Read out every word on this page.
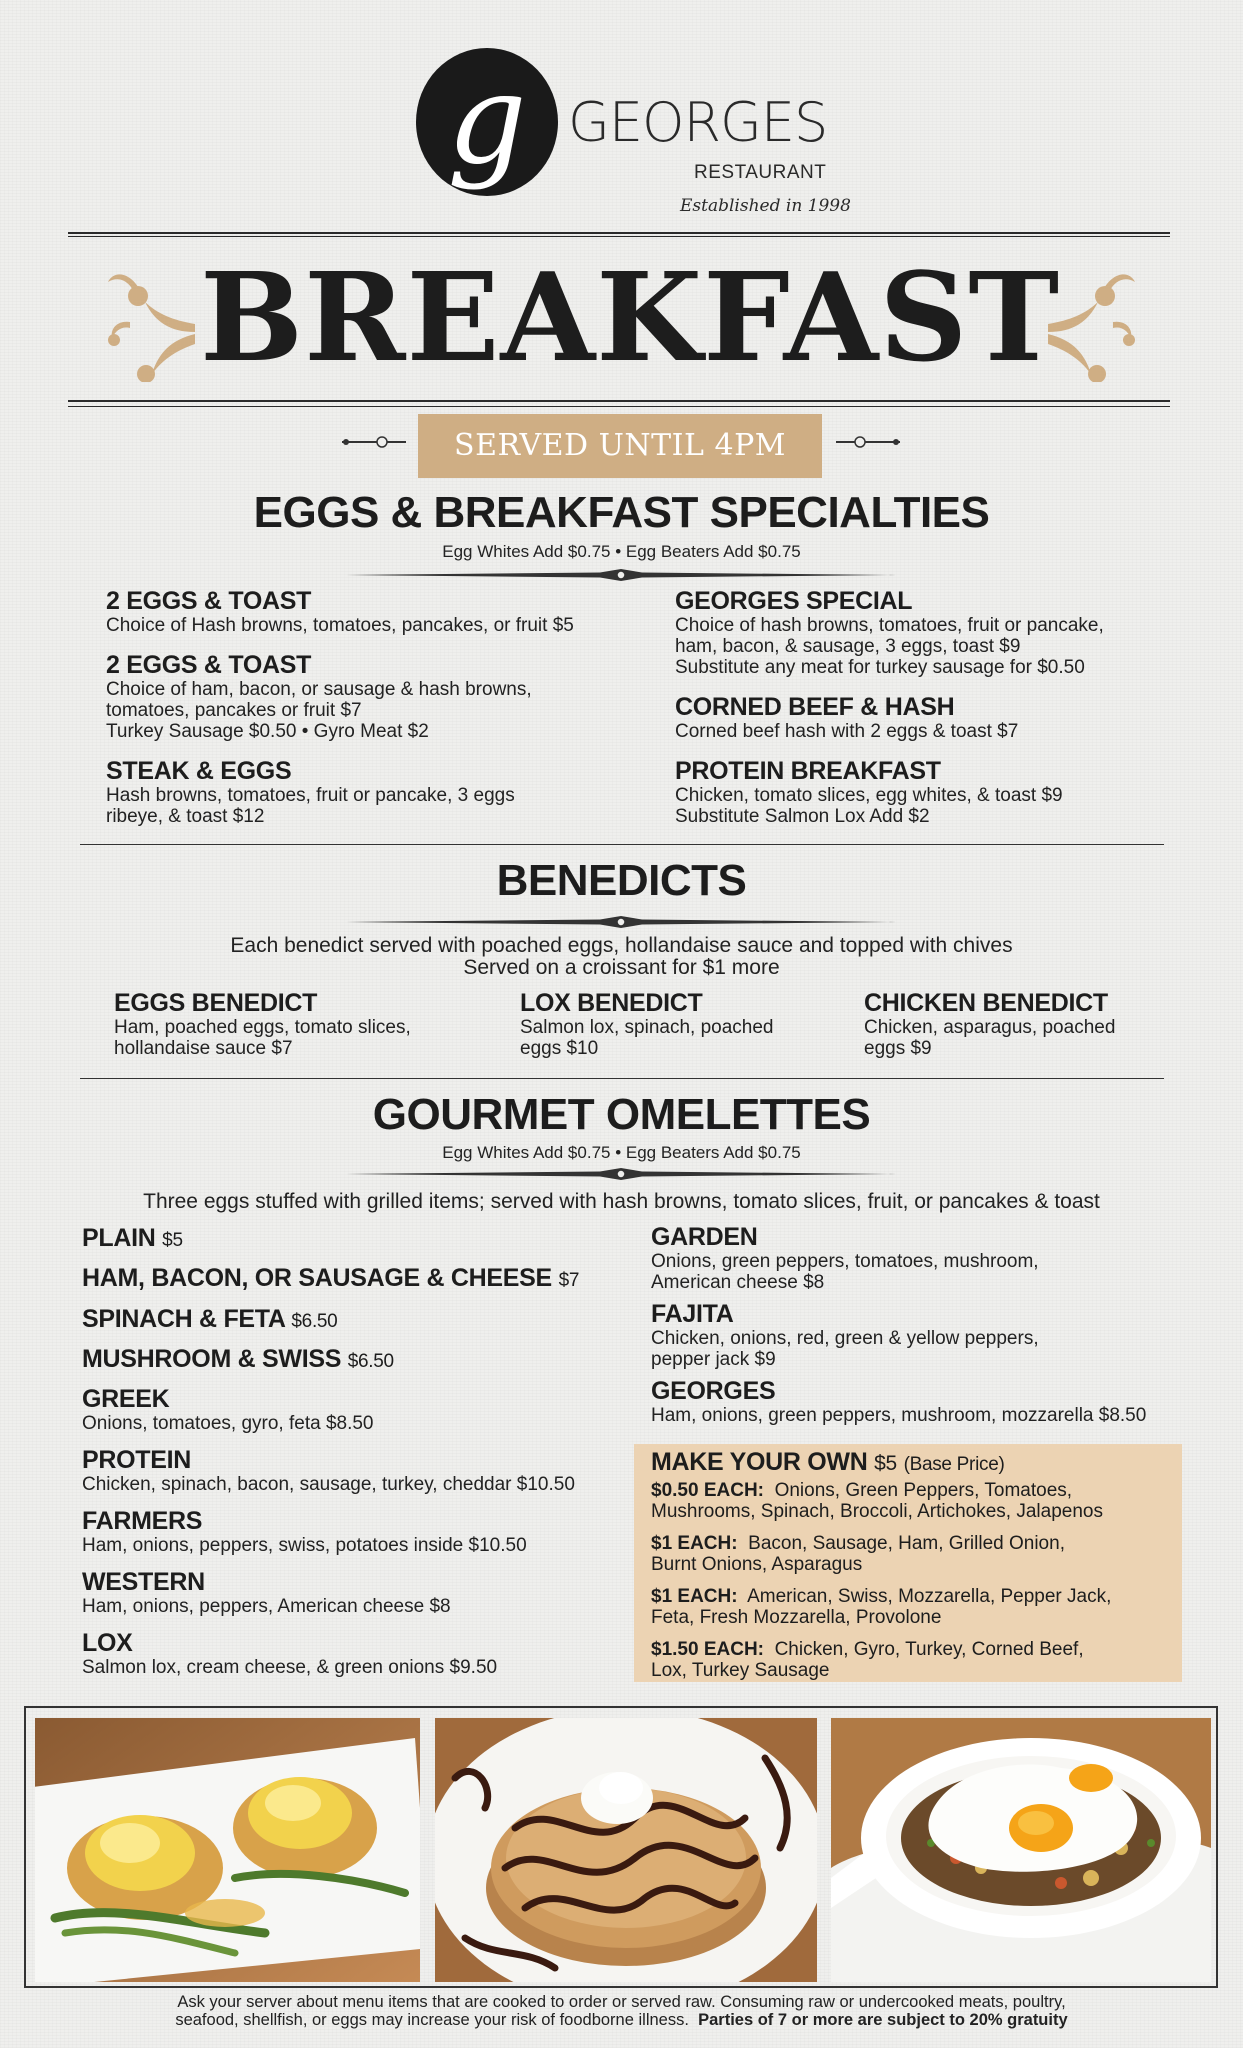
g GEORGES
RESTAURANT
Established in 1998
BREAKFAST
SERVED UNTIL 4PM
EGGS & BREAKFAST SPECIALTIES
Egg Whites Add $0.75 • Egg Beaters Add $0.75
2 EGGS & TOAST
Choice of Hash browns, tomatoes, pancakes, or fruit $5
2 EGGS & TOAST
Choice of ham, bacon, or sausage & hash browns,
tomatoes, pancakes or fruit $7
Turkey Sausage $0.50 • Gyro Meat $2
STEAK & EGGS
Hash browns, tomatoes, fruit or pancake, 3 eggs
ribeye, & toast $12
GEORGES SPECIAL
Choice of hash browns, tomatoes, fruit or pancake,
ham, bacon, & sausage, 3 eggs, toast $9
Substitute any meat for turkey sausage for $0.50
CORNED BEEF & HASH
Corned beef hash with 2 eggs & toast $7
PROTEIN BREAKFAST
Chicken, tomato slices, egg whites, & toast $9
Substitute Salmon Lox Add $2
BENEDICTS
Each benedict served with poached eggs, hollandaise sauce and topped with chives
Served on a croissant for $1 more
EGGS BENEDICT
Ham, poached eggs, tomato slices,
hollandaise sauce $7
LOX BENEDICT
Salmon lox, spinach, poached
eggs $10
CHICKEN BENEDICT
Chicken, asparagus, poached
eggs $9
GOURMET OMELETTES
Egg Whites Add $0.75 • Egg Beaters Add $0.75
Three eggs stuffed with grilled items; served with hash browns, tomato slices, fruit, or pancakes & toast
PLAIN $5
HAM, BACON, OR SAUSAGE & CHEESE $7
SPINACH & FETA $6.50
MUSHROOM & SWISS $6.50
GREEK
Onions, tomatoes, gyro, feta $8.50
PROTEIN
Chicken, spinach, bacon, sausage, turkey, cheddar $10.50
FARMERS
Ham, onions, peppers, swiss, potatoes inside $10.50
WESTERN
Ham, onions, peppers, American cheese $8
LOX
Salmon lox, cream cheese, & green onions $9.50
GARDEN
Onions, green peppers, tomatoes, mushroom,
American cheese $8
FAJITA
Chicken, onions, red, green & yellow peppers,
pepper jack $9
GEORGES
Ham, onions, green peppers, mushroom, mozzarella $8.50
MAKE YOUR OWN $5 (Base Price)
$0.50 EACH: Onions, Green Peppers, Tomatoes,
Mushrooms, Spinach, Broccoli, Artichokes, Jalapenos
$1 EACH: Bacon, Sausage, Ham, Grilled Onion,
Burnt Onions, Asparagus
$1 EACH: American, Swiss, Mozzarella, Pepper Jack,
Feta, Fresh Mozzarella, Provolone
$1.50 EACH: Chicken, Gyro, Turkey, Corned Beef,
Lox, Turkey Sausage
Ask your server about menu items that are cooked to order or served raw. Consuming raw or undercooked meats, poultry,
seafood, shellfish, or eggs may increase your risk of foodborne illness. Parties of 7 or more are subject to 20% gratuity
